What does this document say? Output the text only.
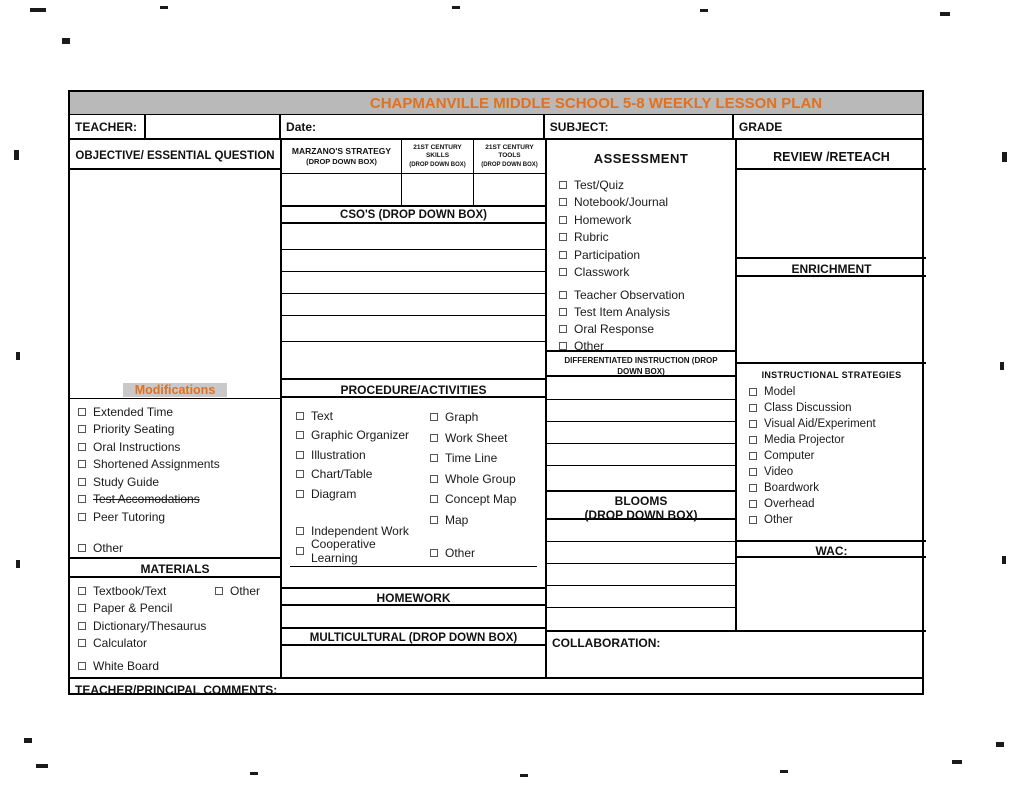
CHAPMANVILLE MIDDLE SCHOOL 5-8 WEEKLY LESSON PLAN
TEACHER:	Date:	SUBJECT:	GRADE
OBJECTIVE/ ESSENTIAL QUESTION
Modifications
Extended Time
Priority Seating
Oral Instructions
Shortened Assignments
Study Guide
Test Accomodations
Peer Tutoring
Other
MATERIALS
Textbook/Text	Other
Paper & Pencil
Dictionary/Thesaurus
Calculator
White Board
MARZANO'S STRATEGY
(DROP DOWN BOX)
21ST CENTURY SKILLS
(DROP DOWN BOX)
21ST CENTURY TOOLS
(DROP DOWN BOX)
CSO'S (DROP DOWN BOX)
PROCEDURE/ACTIVITIES
Text
Graphic Organizer
Illustration
Chart/Table
Diagram
Independent Work
Cooperative Learning
Graph
Work Sheet
Time Line
Whole Group
Concept Map
Map
Other
HOMEWORK
MULTICULTURAL (DROP DOWN BOX)
ASSESSMENT
Test/Quiz
Notebook/Journal
Homework
Rubric
Participation
Classwork
Teacher Observation
Test Item Analysis
Oral Response
Other
DIFFERENTIATED INSTRUCTION (DROP
DOWN BOX)
BLOOMS
(DROP DOWN BOX)
REVIEW /RETEACH
ENRICHMENT
INSTRUCTIONAL STRATEGIES
Model
Class Discussion
Visual Aid/Experiment
Media Projector
Computer
Video
Boardwork
Overhead
Other
WAC:
COLLABORATION:
TEACHER/PRINCIPAL COMMENTS:
